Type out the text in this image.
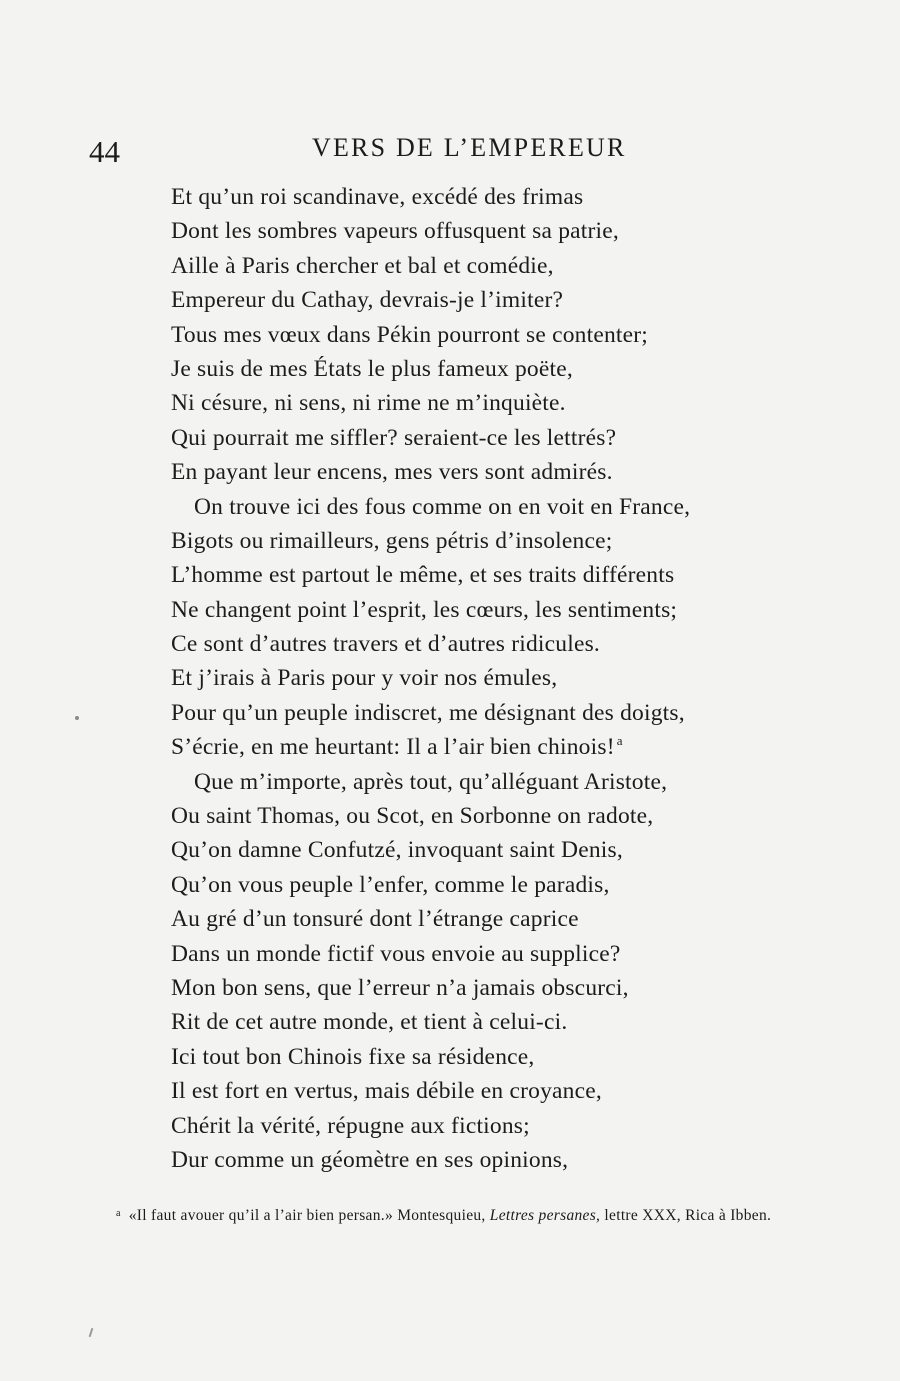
44	VERS DE L’EMPEREUR
Et qu’un roi scandinave, excédé des frimas
Dont les sombres vapeurs offusquent sa patrie,
Aille à Paris chercher et bal et comédie,
Empereur du Cathay, devrais-je l’imiter?
Tous mes vœux dans Pékin pourront se contenter;
Je suis de mes États le plus fameux poëte,
Ni césure, ni sens, ni rime ne m’inquiète.
Qui pourrait me siffler? seraient-ce les lettrés?
En payant leur encens, mes vers sont admirés.
On trouve ici des fous comme on en voit en France,
Bigots ou rimailleurs, gens pétris d’insolence;
L’homme est partout le même, et ses traits différents
Ne changent point l’esprit, les cœurs, les sentiments;
Ce sont d’autres travers et d’autres ridicules.
Et j’irais à Paris pour y voir nos émules,
Pour qu’un peuple indiscret, me désignant des doigts,
S’écrie, en me heurtant: Il a l’air bien chinois! $^a$
Que m’importe, après tout, qu’alléguant Aristote,
Ou saint Thomas, ou Scot, en Sorbonne on radote,
Qu’on damne Confutzé, invoquant saint Denis,
Qu’on vous peuple l’enfer, comme le paradis,
Au gré d’un tonsuré dont l’étrange caprice
Dans un monde fictif vous envoie au supplice?
Mon bon sens, que l’erreur n’a jamais obscurci,
Rit de cet autre monde, et tient à celui-ci.
Ici tout bon Chinois fixe sa résidence,
Il est fort en vertus, mais débile en croyance,
Chérit la vérité, répugne aux fictions;
Dur comme un géomètre en ses opinions,
$^a$ «Il faut avouer qu’il a l’air bien persan.» Montesquieu, Lettres persanes, lettre XXX, Rica à Ibben.
